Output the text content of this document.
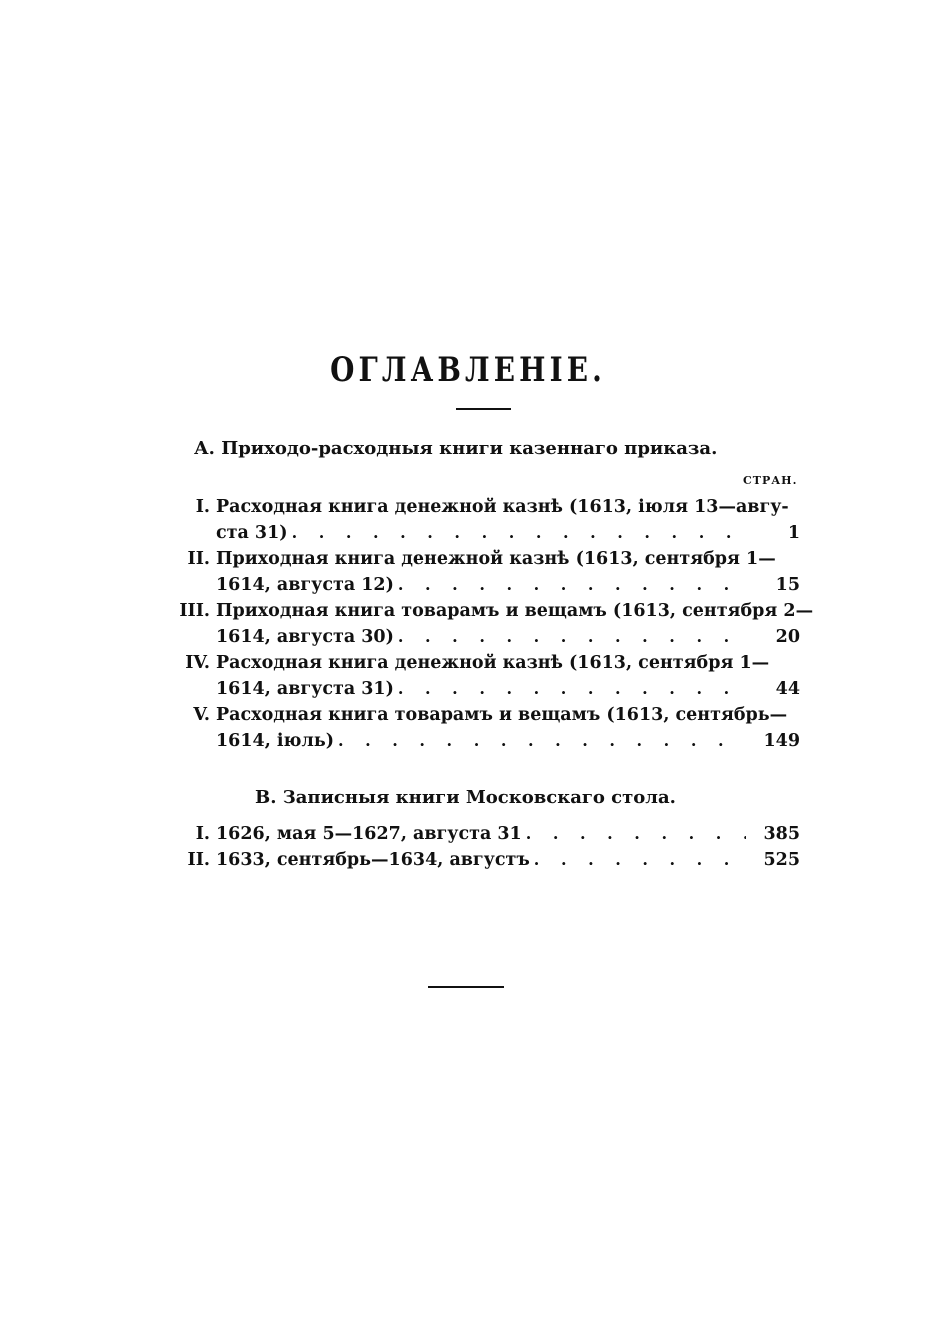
ОГЛАВЛЕНІЕ.
А. Приходо-расходныя книги казеннаго приказа.
СТРАН.
I. Расходная книга денежной казнѣ (1613, іюля 13—авгу-
ста 31) . . .	1
II. Приходная книга денежной казнѣ (1613, сентября 1—
1614, августа 12) . . .	15
III. Приходная книга товарамъ и вещамъ (1613, сентября 2—
1614, августа 30) . . .	20
IV. Расходная книга денежной казнѣ (1613, сентября 1—
1614, августа 31) . . .	44
V. Расходная книга товарамъ и вещамъ (1613, сентябрь—
1614, іюль) . . .	149
В. Записныя книги Московскаго стола.
I. 1626, мая 5—1627, августа 31 . . .	385
II. 1633, сентябрь—1634, августъ . . .	525
